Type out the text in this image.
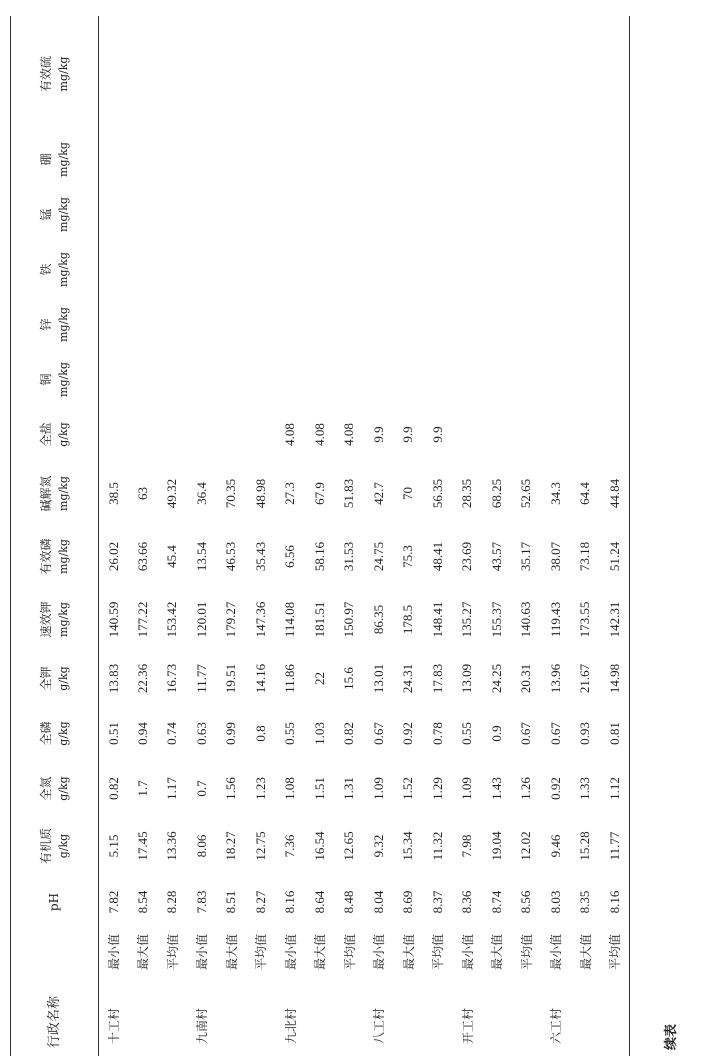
行政名称		pH	有机质 g/kg	全氮 g/kg	全磷 g/kg	全钾 g/kg	速效钾 mg/kg	有效磷 mg/kg	碱解氮 mg/kg	全盐 g/kg	铜 mg/kg	锌 mg/kg	铁 mg/kg	锰 mg/kg	硼 mg/kg	有效硫 mg/kg

十工村	最小值	7.82	5.15	0.82	0.51	13.83	140.59	26.02	38.5							
	最大值	8.54	17.45	1.7	0.94	22.36	177.22	63.66	63							
	平均值	8.28	13.36	1.17	0.74	16.73	153.42	45.4	49.32							
九南村	最小值	7.83	8.06	0.7	0.63	11.77	120.01	13.54	36.4							
	最大值	8.51	18.27	1.56	0.99	19.51	179.27	46.53	70.35							
	平均值	8.27	12.75	1.23	0.8	14.16	147.36	35.43	48.98							
九北村	最小值	8.16	7.36	1.08	0.55	11.86	114.08	6.56	27.3	4.08						
	最大值	8.64	16.54	1.51	1.03	22	181.51	58.16	67.9	4.08						
	平均值	8.48	12.65	1.31	0.82	15.6	150.97	31.53	51.83	4.08						
八工村	最小值	8.04	9.32	1.09	0.67	13.01	86.35	24.75	42.7	9.9						
	最大值	8.69	15.34	1.52	0.92	24.31	178.5	75.3	70	9.9						
	平均值	8.37	11.32	1.29	0.78	17.83	148.41	48.41	56.35	9.9						
开工村	最小值	8.36	7.98	1.09	0.55	13.09	135.27	23.69	28.35							
	最大值	8.74	19.04	1.43	0.9	24.25	155.37	43.57	68.25							
	平均值	8.56	12.02	1.26	0.67	20.31	140.63	35.17	52.65							
六工村	最小值	8.03	9.46	0.92	0.67	13.96	119.43	38.07	34.3							
	最大值	8.35	15.28	1.33	0.93	21.67	173.55	73.18	64.4							
	平均值	8.16	11.77	1.12	0.81	14.98	142.31	51.24	44.84							
续表
